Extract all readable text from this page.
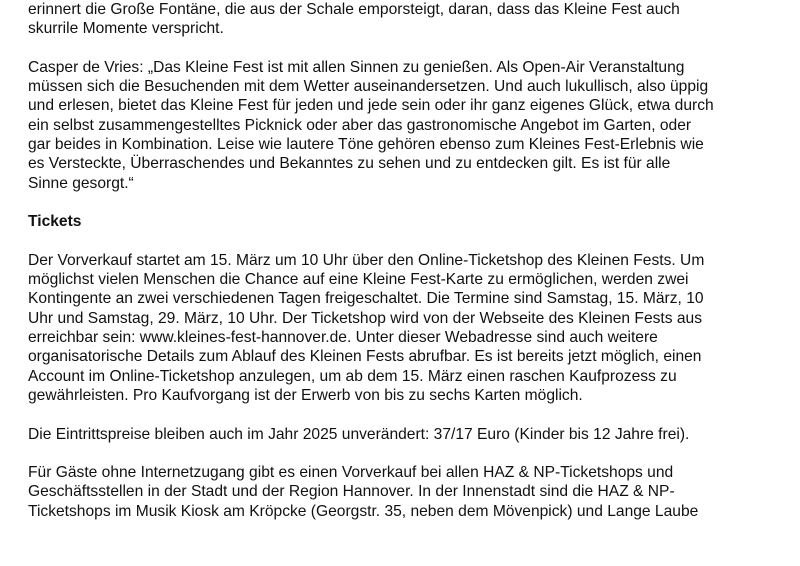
erinnert die Große Fontäne, die aus der Schale emporsteigt, daran, dass das Kleine Fest auch
skurrile Momente verspricht.
Casper de Vries: „Das Kleine Fest ist mit allen Sinnen zu genießen. Als Open-Air Veranstaltung
müssen sich die Besuchenden mit dem Wetter auseinandersetzen. Und auch lukullisch, also üppig
und erlesen, bietet das Kleine Fest für jeden und jede sein oder ihr ganz eigenes Glück, etwa durch
ein selbst zusammengestelltes Picknick oder aber das gastronomische Angebot im Garten, oder
gar beides in Kombination. Leise wie lautere Töne gehören ebenso zum Kleines Fest-Erlebnis wie
es Versteckte, Überraschendes und Bekanntes zu sehen und zu entdecken gilt. Es ist für alle
Sinne gesorgt.“
Tickets
Der Vorverkauf startet am 15. März um 10 Uhr über den Online-Ticketshop des Kleinen Fests. Um
möglichst vielen Menschen die Chance auf eine Kleine Fest-Karte zu ermöglichen, werden zwei
Kontingente an zwei verschiedenen Tagen freigeschaltet. Die Termine sind Samstag, 15. März, 10
Uhr und Samstag, 29. März, 10 Uhr. Der Ticketshop wird von der Webseite des Kleinen Fests aus
erreichbar sein: www.kleines-fest-hannover.de. Unter dieser Webadresse sind auch weitere
organisatorische Details zum Ablauf des Kleinen Fests abrufbar. Es ist bereits jetzt möglich, einen
Account im Online-Ticketshop anzulegen, um ab dem 15. März einen raschen Kaufprozess zu
gewährleisten. Pro Kaufvorgang ist der Erwerb von bis zu sechs Karten möglich.
Die Eintrittspreise bleiben auch im Jahr 2025 unverändert: 37/17 Euro (Kinder bis 12 Jahre frei).
Für Gäste ohne Internetzugang gibt es einen Vorverkauf bei allen HAZ & NP-Ticketshops und
Geschäftsstellen in der Stadt und der Region Hannover. In der Innenstadt sind die HAZ & NP-
Ticketshops im Musik Kiosk am Kröpcke (Georgstr. 35, neben dem Mövenpick) und Lange Laube
